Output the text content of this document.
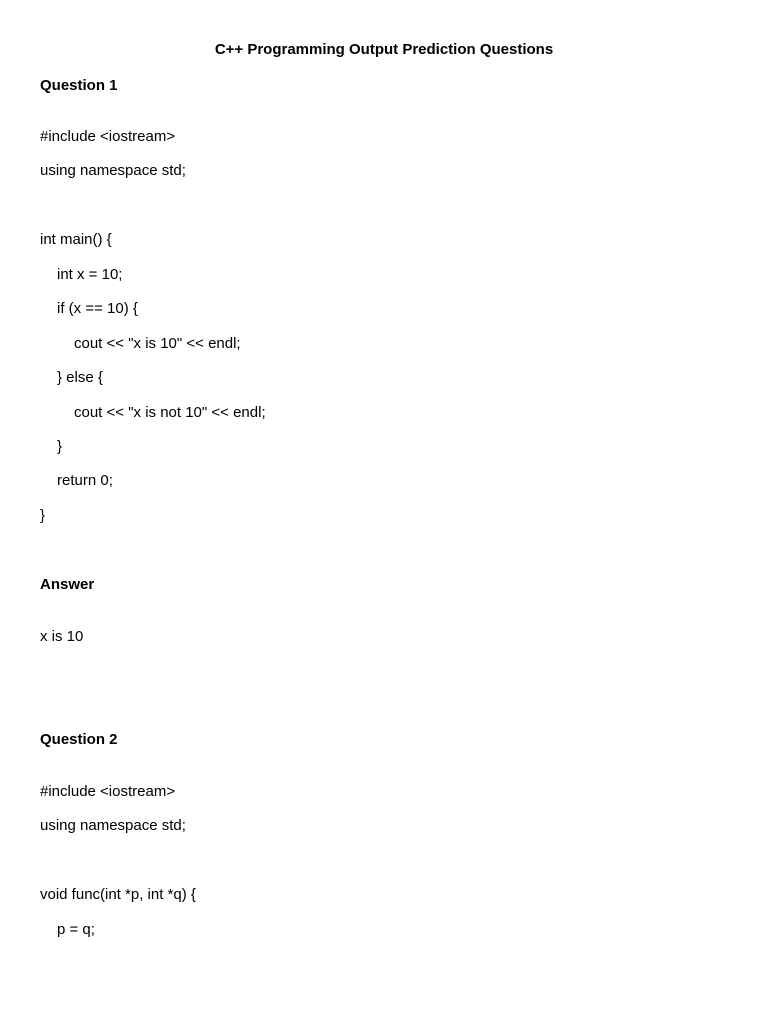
C++ Programming Output Prediction Questions
Question 1
#include <iostream>
using namespace std;
int main() {
int x = 10;
if (x == 10) {
cout << "x is 10" << endl;
} else {
cout << "x is not 10" << endl;
}
return 0;
}
Answer
x is 10
Question 2
#include <iostream>
using namespace std;
void func(int *p, int *q) {
p = q;
